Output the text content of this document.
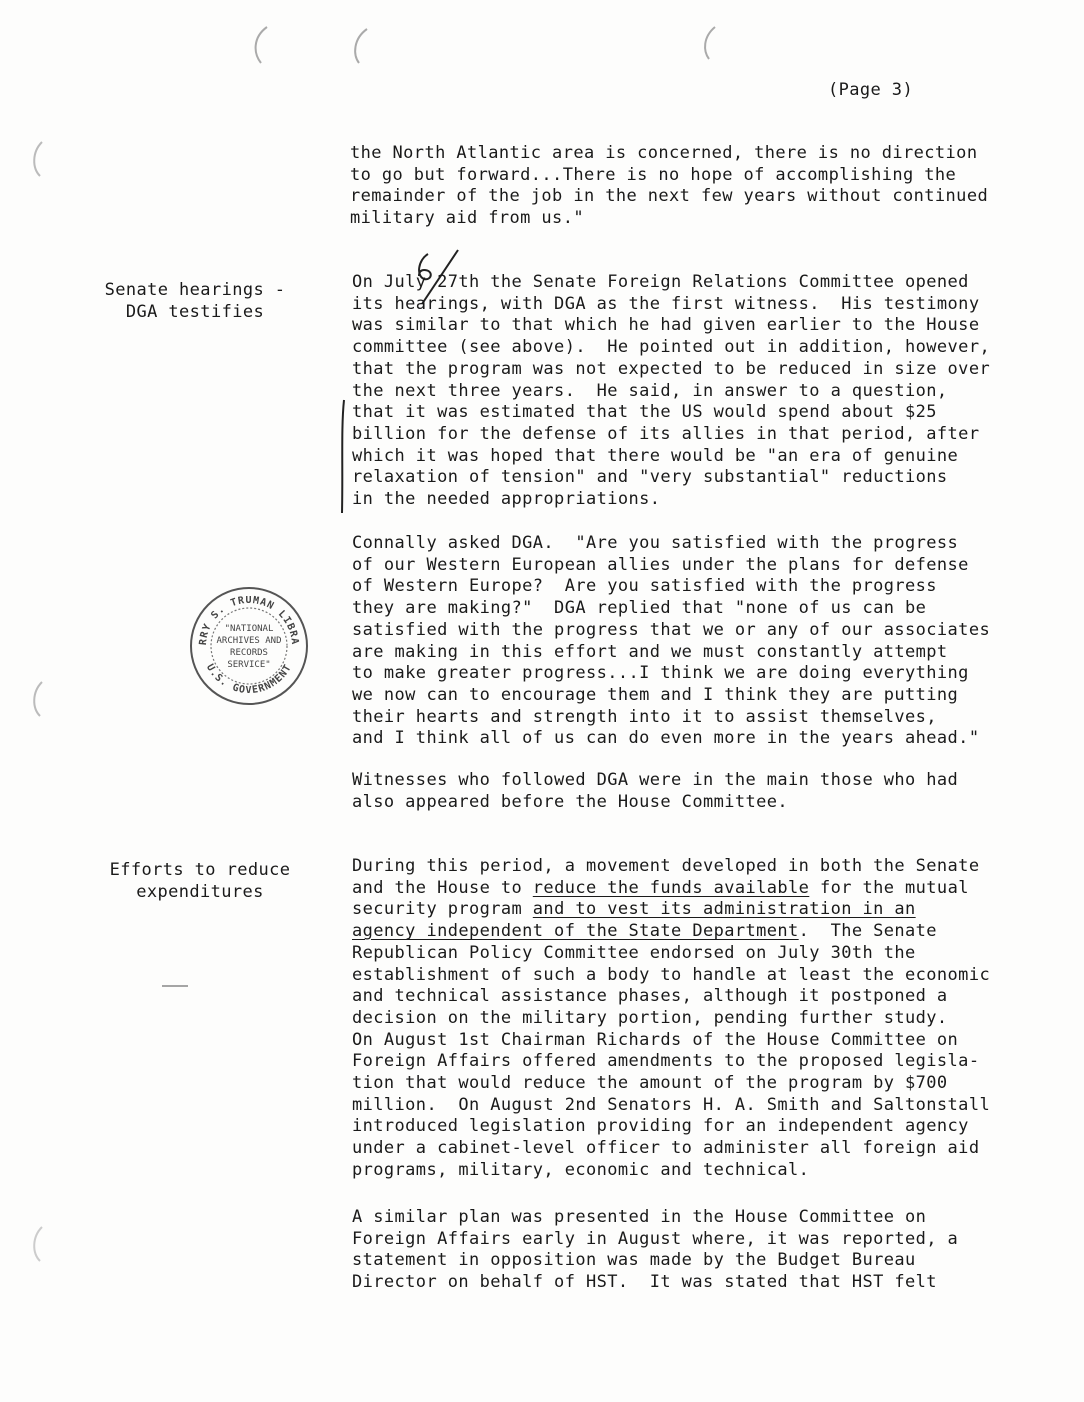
(Page 3)
the North Atlantic area is concerned, there is no direction
to go but forward...There is no hope of accomplishing the
remainder of the job in the next few years without continued
military aid from us."
Senate hearings -
DGA testifies
On July 27th the Senate Foreign Relations Committee opened
its hearings, with DGA as the first witness.  His testimony
was similar to that which he had given earlier to the House
committee (see above).  He pointed out in addition, however,
that the program was not expected to be reduced in size over
the next three years.  He said, in answer to a question,
that it was estimated that the US would spend about $25
billion for the defense of its allies in that period, after
which it was hoped that there would be "an era of genuine
relaxation of tension" and "very substantial" reductions
in the needed appropriations.
Connally asked DGA.  "Are you satisfied with the progress
of our Western European allies under the plans for defense
of Western Europe?  Are you satisfied with the progress
they are making?"  DGA replied that "none of us can be
satisfied with the progress that we or any of our associates
are making in this effort and we must constantly attempt
to make greater progress...I think we are doing everything
we now can to encourage them and I think they are putting
their hearts and strength into it to assist themselves,
and I think all of us can do even more in the years ahead."
RRY S. TRUMAN LIBRA
U.S. GOVERNMENT
"NATIONAL
ARCHIVES AND
RECORDS
SERVICE"
Witnesses who followed DGA were in the main those who had
also appeared before the House Committee.
Efforts to reduce
expenditures
During this period, a movement developed in both the Senate
and the House to reduce the funds available for the mutual
security program and to vest its administration in an
agency independent of the State Department.  The Senate
Republican Policy Committee endorsed on July 30th the
establishment of such a body to handle at least the economic
and technical assistance phases, although it postponed a
decision on the military portion, pending further study.
On August 1st Chairman Richards of the House Committee on
Foreign Affairs offered amendments to the proposed legisla-
tion that would reduce the amount of the program by $700
million.  On August 2nd Senators H. A. Smith and Saltonstall
introduced legislation providing for an independent agency
under a cabinet-level officer to administer all foreign aid
programs, military, economic and technical.
A similar plan was presented in the House Committee on
Foreign Affairs early in August where, it was reported, a
statement in opposition was made by the Budget Bureau
Director on behalf of HST.  It was stated that HST felt
